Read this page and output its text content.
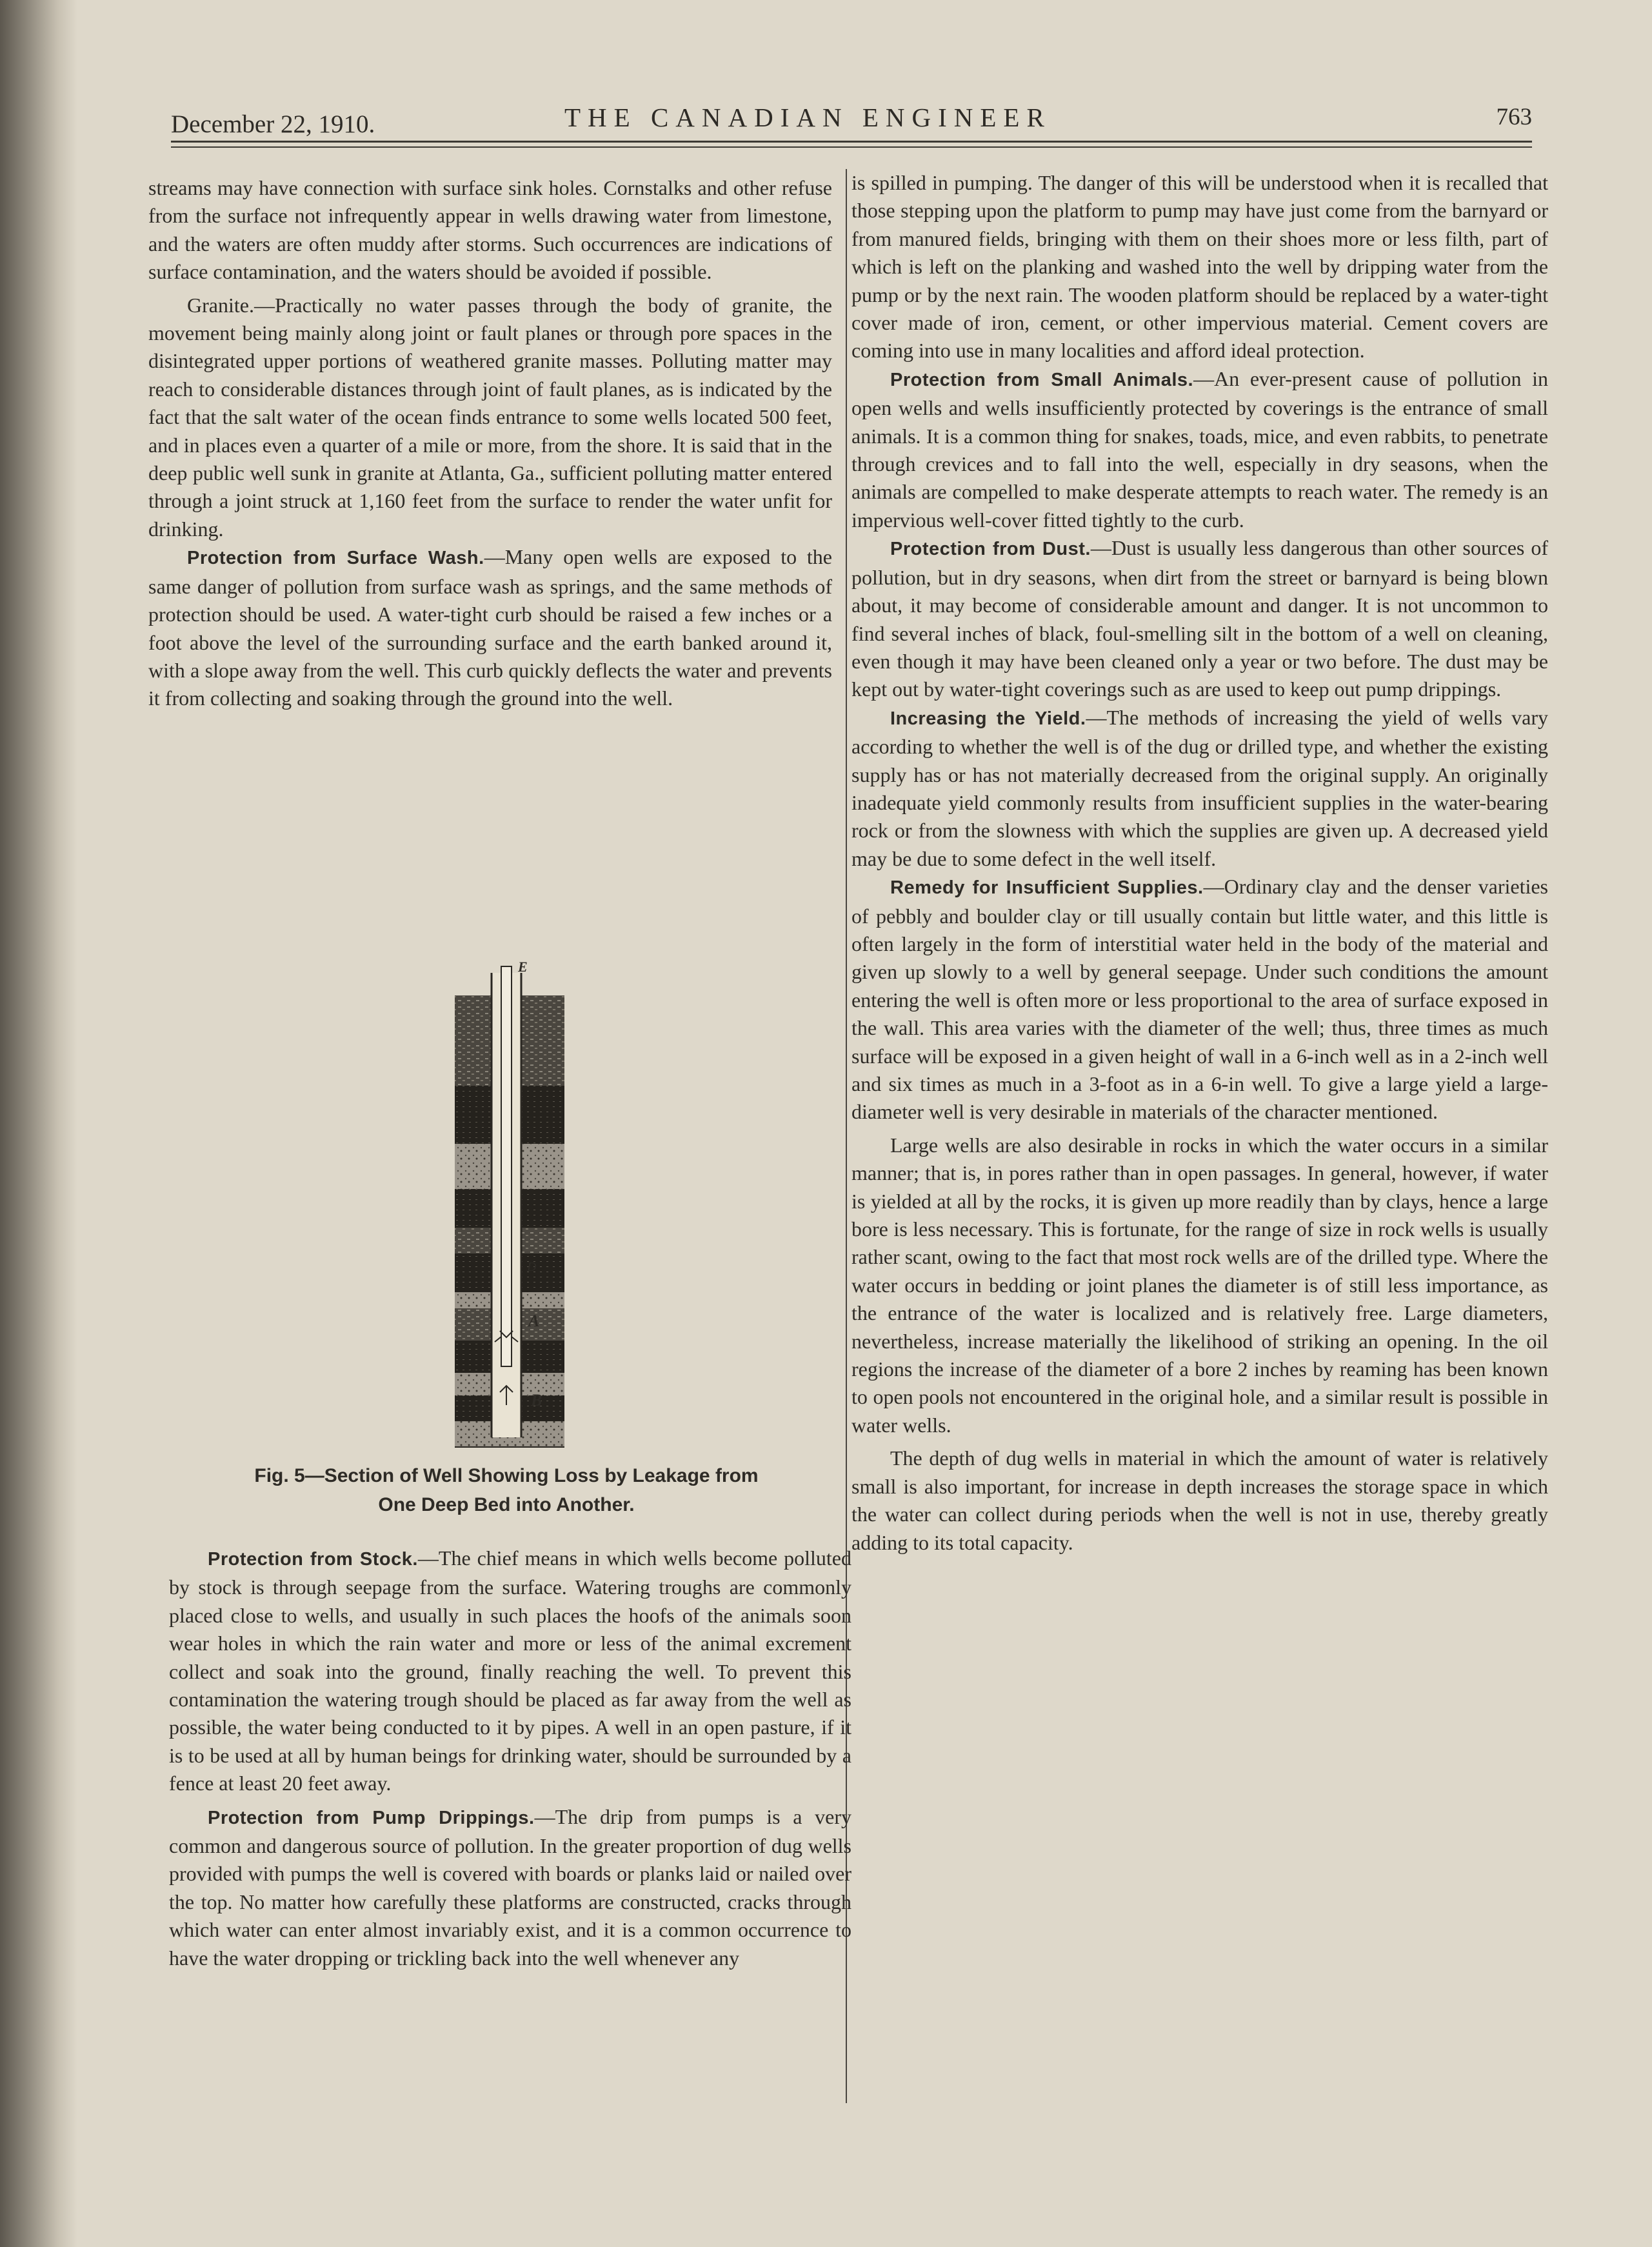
December 22, 1910.	THE CANADIAN ENGINEER	763

streams may have connection with surface sink holes. Cornstalks and other refuse from the surface not infrequently appear in wells drawing water from limestone, and the waters are often muddy after storms. Such occurrences are indications of surface contamination, and the waters should be avoided if possible.

Granite.—Practically no water passes through the body of granite, the movement being mainly along joint or fault planes or through pore spaces in the disintegrated upper portions of weathered granite masses. Polluting matter may reach to considerable distances through joint of fault planes, as is indicated by the fact that the salt water of the ocean finds entrance to some wells located 500 feet, and in places even a quarter of a mile or more, from the shore. It is said that in the deep public well sunk in granite at Atlanta, Ga., sufficient polluting matter entered through a joint struck at 1,160 feet from the surface to render the water unfit for drinking.

Protection from Surface Wash.—Many open wells are exposed to the same danger of pollution from surface wash as springs, and the same methods of protection should be used. A water-tight curb should be raised a few inches or a foot above the level of the surrounding surface and the earth banked around it, with a slope away from the well. This curb quickly deflects the water and prevents it from collecting and soaking through the ground into the well.

E
D
A
B
Fig. 5—Section of Well Showing Loss by Leakage from
One Deep Bed into Another.

Protection from Stock.—The chief means in which wells become polluted by stock is through seepage from the surface. Watering troughs are commonly placed close to wells, and usually in such places the hoofs of the animals soon wear holes in which the rain water and more or less of the animal excrement collect and soak into the ground, finally reaching the well. To prevent this contamination the watering trough should be placed as far away from the well as possible, the water being conducted to it by pipes. A well in an open pasture, if it is to be used at all by human beings for drinking water, should be surrounded by a fence at least 20 feet away.

Protection from Pump Drippings.—The drip from pumps is a very common and dangerous source of pollution. In the greater proportion of dug wells provided with pumps the well is covered with boards or planks laid or nailed over the top. No matter how carefully these platforms are constructed, cracks through which water can enter almost invariably exist, and it is a common occurrence to have the water dropping or trickling back into the well whenever any

is spilled in pumping. The danger of this will be understood when it is recalled that those stepping upon the platform to pump may have just come from the barnyard or from manured fields, bringing with them on their shoes more or less filth, part of which is left on the planking and washed into the well by dripping water from the pump or by the next rain. The wooden platform should be replaced by a water-tight cover made of iron, cement, or other impervious material. Cement covers are coming into use in many localities and afford ideal protection.

Protection from Small Animals.—An ever-present cause of pollution in open wells and wells insufficiently protected by coverings is the entrance of small animals. It is a common thing for snakes, toads, mice, and even rabbits, to penetrate through crevices and to fall into the well, especially in dry seasons, when the animals are compelled to make desperate attempts to reach water. The remedy is an impervious well-cover fitted tightly to the curb.

Protection from Dust.—Dust is usually less dangerous than other sources of pollution, but in dry seasons, when dirt from the street or barnyard is being blown about, it may become of considerable amount and danger. It is not uncommon to find several inches of black, foul-smelling silt in the bottom of a well on cleaning, even though it may have been cleaned only a year or two before. The dust may be kept out by water-tight coverings such as are used to keep out pump drippings.

Increasing the Yield.—The methods of increasing the yield of wells vary according to whether the well is of the dug or drilled type, and whether the existing supply has or has not materially decreased from the original supply. An originally inadequate yield commonly results from insufficient supplies in the water-bearing rock or from the slowness with which the supplies are given up. A decreased yield may be due to some defect in the well itself.

Remedy for Insufficient Supplies.—Ordinary clay and the denser varieties of pebbly and boulder clay or till usually contain but little water, and this little is often largely in the form of interstitial water held in the body of the material and given up slowly to a well by general seepage. Under such conditions the amount entering the well is often more or less proportional to the area of surface exposed in the wall. This area varies with the diameter of the well; thus, three times as much surface will be exposed in a given height of wall in a 6-inch well as in a 2-inch well and six times as much in a 3-foot as in a 6-in well. To give a large yield a large-diameter well is very desirable in materials of the character mentioned.

Large wells are also desirable in rocks in which the water occurs in a similar manner; that is, in pores rather than in open passages. In general, however, if water is yielded at all by the rocks, it is given up more readily than by clays, hence a large bore is less necessary. This is fortunate, for the range of size in rock wells is usually rather scant, owing to the fact that most rock wells are of the drilled type. Where the water occurs in bedding or joint planes the diameter is of still less importance, as the entrance of the water is localized and is relatively free. Large diameters, nevertheless, increase materially the likelihood of striking an opening. In the oil regions the increase of the diameter of a bore 2 inches by reaming has been known to open pools not encountered in the original hole, and a similar result is possible in water wells.

The depth of dug wells in material in which the amount of water is relatively small is also important, for increase in depth increases the storage space in which the water can collect during periods when the well is not in use, thereby greatly adding to its total capacity.
